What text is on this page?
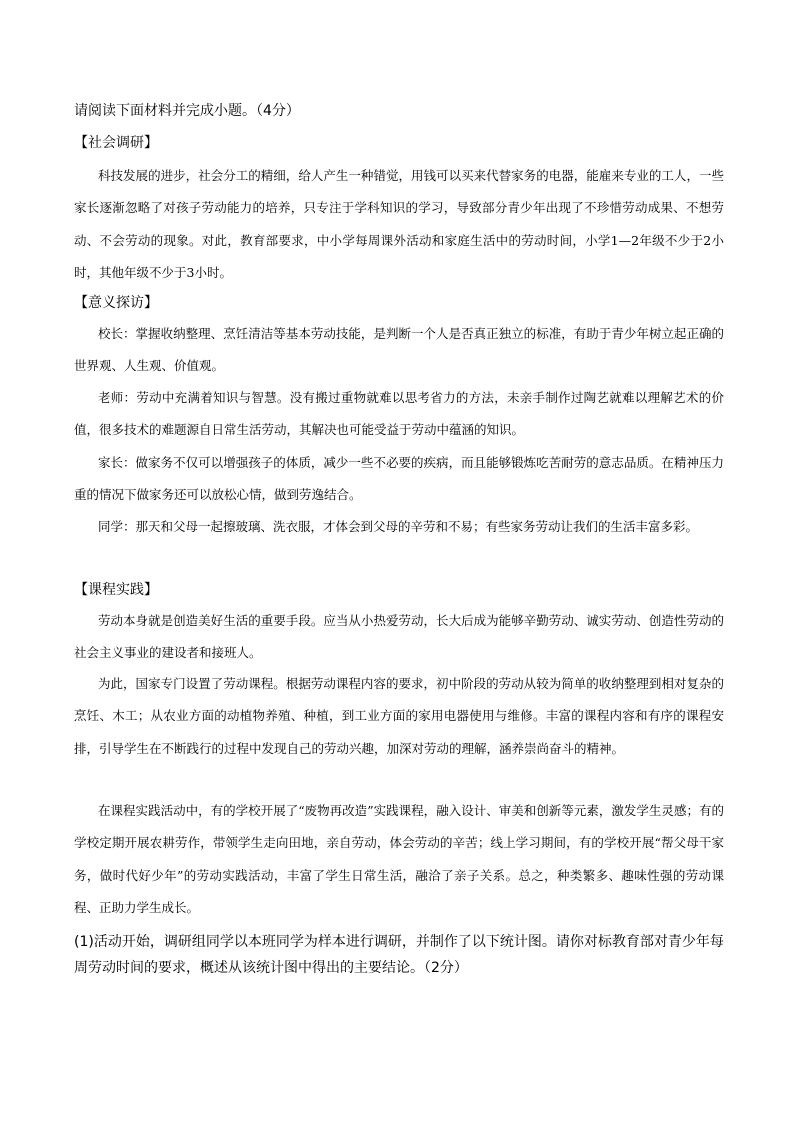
请阅读下面材料并完成小题。（4分）

【社会调研】

科技发展的进步，社会分工的精细，给人产生一种错觉，用钱可以买来代替家务的电器，能雇来专业的工人，一些家长逐渐忽略了对孩子劳动能力的培养，只专注于学科知识的学习，导致部分青少年出现了不珍惜劳动成果、不想劳动、不会劳动的现象。对此，教育部要求，中小学每周课外活动和家庭生活中的劳动时间，小学1—2年级不少于2小时，其他年级不少于3小时。

【意义探访】

校长：掌握收纳整理、烹饪清洁等基本劳动技能，是判断一个人是否真正独立的标准，有助于青少年树立起正确的世界观、人生观、价值观。

老师：劳动中充满着知识与智慧。没有搬过重物就难以思考省力的方法，未亲手制作过陶艺就难以理解艺术的价值，很多技术的难题源自日常生活劳动，其解决也可能受益于劳动中蕴涵的知识。

家长：做家务不仅可以增强孩子的体质，减少一些不必要的疾病，而且能够锻炼吃苦耐劳的意志品质。在精神压力重的情况下做家务还可以放松心情，做到劳逸结合。

同学：那天和父母一起擦玻璃、洗衣服，才体会到父母的辛劳和不易；有些家务劳动让我们的生活丰富多彩。

【课程实践】

劳动本身就是创造美好生活的重要手段。应当从小热爱劳动，长大后成为能够辛勤劳动、诚实劳动、创造性劳动的社会主义事业的建设者和接班人。

为此，国家专门设置了劳动课程。根据劳动课程内容的要求，初中阶段的劳动从较为简单的收纳整理到相对复杂的烹饪、木工；从农业方面的动植物养殖、种植，到工业方面的家用电器使用与维修。丰富的课程内容和有序的课程安排，引导学生在不断践行的过程中发现自己的劳动兴趣，加深对劳动的理解，涵养崇尚奋斗的精神。

在课程实践活动中，有的学校开展了“废物再改造”实践课程，融入设计、审美和创新等元素，激发学生灵感；有的学校定期开展农耕劳作，带领学生走向田地，亲自劳动，体会劳动的辛苦；线上学习期间，有的学校开展“帮父母干家务，做时代好少年”的劳动实践活动，丰富了学生日常生活，融洽了亲子关系。总之，种类繁多、趣味性强的劳动课程、正助力学生成长。

(1)活动开始，调研组同学以本班同学为样本进行调研，并制作了以下统计图。请你对标教育部对青少年每周劳动时间的要求，概述从该统计图中得出的主要结论。（2分）
